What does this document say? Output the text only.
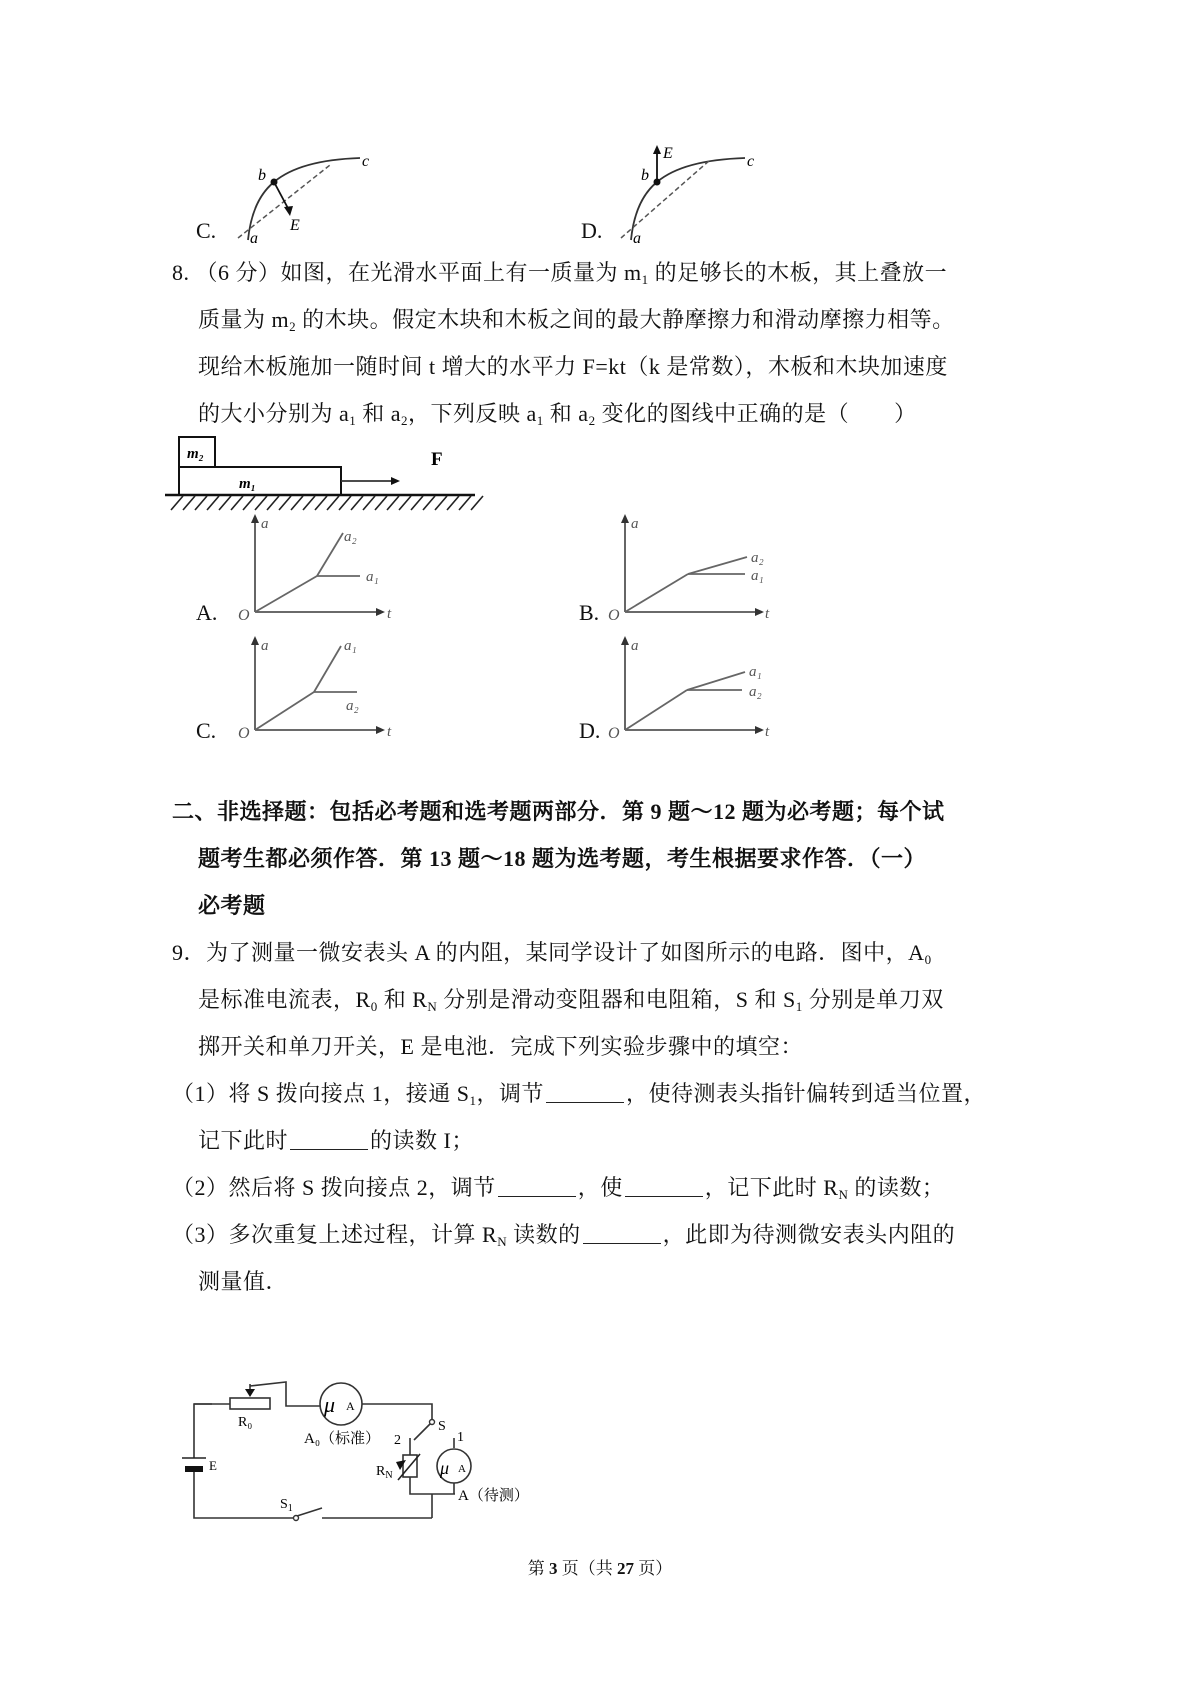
C.
b
c
E
a	D.
b
c
E
a
8. （6 分）如图，在光滑水平面上有一质量为 $m_1$ 的足够长的木板，其上叠放一
质量为 $m_2$ 的木块。假定木块和木板之间的最大静摩擦力和滑动摩擦力相等。
现给木板施加一随时间 t 增大的水平力 F=kt（k 是常数），木板和木块加速度
的大小分别为 $a_1$ 和 $a_2$，下列反映 $a_1$ 和 $a_2$ 变化的图线中正确的是（　　）
m₂
m₁
F
A.
a
t
O
a₂
a₁
B.
a
t
O
a₂
a₁
C.
a
t
O
a₁
a₂
D.
a
t
O
a₁
a₂
二、非选择题：包括必考题和选考题两部分．第 9 题～12 题为必考题；每个试
题考生都必须作答．第 13 题～18 题为选考题，考生根据要求作答．（一）
必考题
9．为了测量一微安表头 A 的内阻，某同学设计了如图所示的电路．图中，$A_0$
是标准电流表，$R_0$ 和 $R_N$ 分别是滑动变阻器和电阻箱，S 和 $S_1$ 分别是单刀双
掷开关和单刀开关，E 是电池．完成下列实验步骤中的填空：
（1）将 S 拨向接点 1，接通 $S_1$，调节	，使待测表头指针偏转到适当位置，
记下此时	的读数 I；
（2）然后将 S 拨向接点 2，调节	，使	，记下此时 $R_N$ 的读数；
（3）多次重复上述过程，计算 $R_N$ 读数的	，此即为待测微安表头内阻的
测量值．
R₀
μ A
A₀（标准）
S
2	1
$R_N$	μ A
A（待测）
E
$S_1$
第 3 页（共 27 页）
